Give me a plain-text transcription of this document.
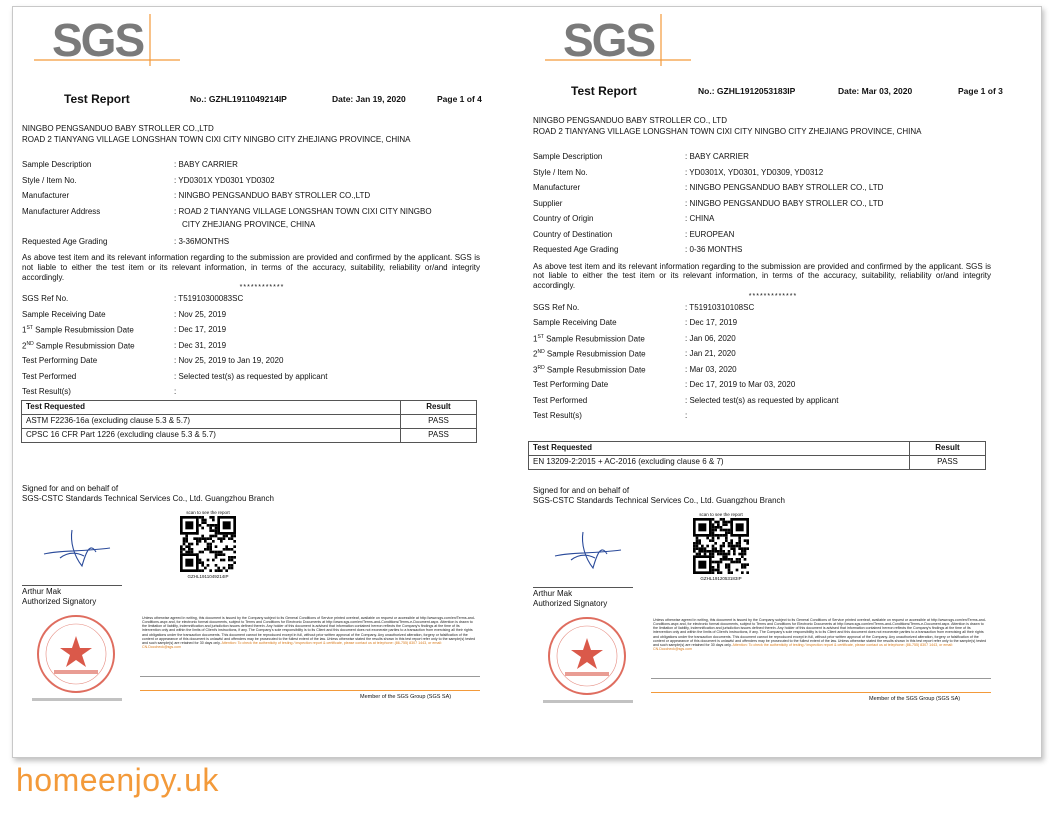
SGS
Test Report	No.: GZHL1911049214IP	Date: Jan 19, 2020	Page 1 of 4
NINGBO PENGSANDUO BABY STROLLER CO.,LTD
ROAD 2 TIANYANG VILLAGE LONGSHAN TOWN CIXI CITY NINGBO CITY ZHEJIANG PROVINCE, CHINA
Sample Description	: BABY CARRIER
Style / Item No.	: YD0301X YD0301 YD0302
Manufacturer	: NINGBO PENGSANDUO BABY STROLLER CO.,LTD
Manufacturer Address	: ROAD 2 TIANYANG VILLAGE LONGSHAN TOWN CIXI CITY NINGBO
CITY ZHEJIANG PROVINCE, CHINA
Requested Age Grading	: 3-36MONTHS
As above test item and its relevant information regarding to the submission are provided and confirmed by the applicant. SGS is not liable to either the test item or its relevant information, in terms of the accuracy, suitability, reliability or/and integrity accordingly.
************
SGS Ref No.	: T51910300083SC
Sample Receiving Date	: Nov 25, 2019
1ST Sample Resubmission Date	: Dec 17, 2019
2ND Sample Resubmission Date	: Dec 31, 2019
Test Performing Date	: Nov 25, 2019 to Jan 19, 2020
Test Performed	: Selected test(s) as requested by applicant
Test Result(s)	:
Test Requested	Result
ASTM F2236-16a (excluding clause 5.3 & 5.7)	PASS
CPSC 16 CFR Part 1226 (excluding clause 5.3 & 5.7)	PASS
Signed for and on behalf of
SGS-CSTC Standards Technical Services Co., Ltd. Guangzhou Branch
Arthur Mak
Authorized Signatory
scan to see the report
GZHL1911049214IP
Unless otherwise agreed in writing, this document is issued by the Company subject to its General Conditions of Service printed overleaf, available on request or accessible at http://www.sgs.com/en/Terms-and-Conditions.aspx and, for electronic format documents, subject to Terms and Conditions for Electronic Documents at http://www.sgs.com/en/Terms-and-Conditions/Terms-e-Document.aspx. Attention is drawn to the limitation of liability, indemnification and jurisdiction issues defined therein. Any holder of this document is advised that information contained hereon reflects the Company's findings at the time of its intervention only and within the limits of Client's instructions, if any. The Company's sole responsibility is to its Client and this document does not exonerate parties to a transaction from exercising all their rights and obligations under the transaction documents. This document cannot be reproduced except in full, without prior written approval of the Company. Any unauthorized alteration, forgery or falsification of the content or appearance of this document is unlawful and offenders may be prosecuted to the fullest extent of the law. Unless otherwise stated the results shown in this test report refer only to the sample(s) tested and such sample(s) are retained for 30 days only. Attention: To check the authenticity of testing / inspection report & certificate, please contact us at telephone: (86-755) 8307 1443, or email: CN.Doccheck@sgs.com
Member of the SGS Group (SGS SA)
SGS
Test Report	No.: GZHL1912053183IP	Date: Mar 03, 2020	Page 1 of 3
NINGBO PENGSANDUO BABY STROLLER CO., LTD
ROAD 2 TIANYANG VILLAGE LONGSHAN TOWN CIXI CITY NINGBO CITY ZHEJIANG PROVINCE, CHINA
Sample Description	: BABY CARRIER
Style / Item No.	: YD0301X, YD0301, YD0309, YD0312
Manufacturer	: NINGBO PENGSANDUO BABY STROLLER CO., LTD
Supplier	: NINGBO PENGSANDUO BABY STROLLER CO., LTD
Country of Origin	: CHINA
Country of Destination	: EUROPEAN
Requested Age Grading	: 0-36 MONTHS
As above test item and its relevant information regarding to the submission are provided and confirmed by the applicant. SGS is not liable to either the test item or its relevant information, in terms of the accuracy, suitability, reliability or/and integrity accordingly.
*************
SGS Ref No.	: T51910310108SC
Sample Receiving Date	: Dec 17, 2019
1ST Sample Resubmission Date	: Jan 06, 2020
2ND Sample Resubmission Date	: Jan 21, 2020
3RD Sample Resubmission Date	: Mar 03, 2020
Test Performing Date	: Dec 17, 2019 to Mar 03, 2020
Test Performed	: Selected test(s) as requested by applicant
Test Result(s)	:
Test Requested	Result
EN 13209-2:2015 + AC-2016 (excluding clause 6 & 7)	PASS
Signed for and on behalf of
SGS-CSTC Standards Technical Services Co., Ltd. Guangzhou Branch
Arthur Mak
Authorized Signatory
scan to see the report
GZHL1912053183IP
Unless otherwise agreed in writing, this document is issued by the Company subject to its General Conditions of Service printed overleaf, available on request or accessible at http://www.sgs.com/en/Terms-and-Conditions.aspx and, for electronic format documents, subject to Terms and Conditions for Electronic Documents at http://www.sgs.com/en/Terms-and-Conditions/Terms-e-Document.aspx. Attention is drawn to the limitation of liability, indemnification and jurisdiction issues defined therein. Any holder of this document is advised that information contained hereon reflects the Company's findings at the time of its intervention only and within the limits of Client's instructions, if any. The Company's sole responsibility is to its Client and this document does not exonerate parties to a transaction from exercising all their rights and obligations under the transaction documents. This document cannot be reproduced except in full, without prior written approval of the Company. Any unauthorized alteration, forgery or falsification of the content or appearance of this document is unlawful and offenders may be prosecuted to the fullest extent of the law. Unless otherwise stated the results shown in this test report refer only to the sample(s) tested and such sample(s) are retained for 30 days only. Attention: To check the authenticity of testing / inspection report & certificate, please contact us at telephone: (86-755) 8307 1443, or email: CN.Doccheck@sgs.com
Member of the SGS Group (SGS SA)
homeenjoy.uk
